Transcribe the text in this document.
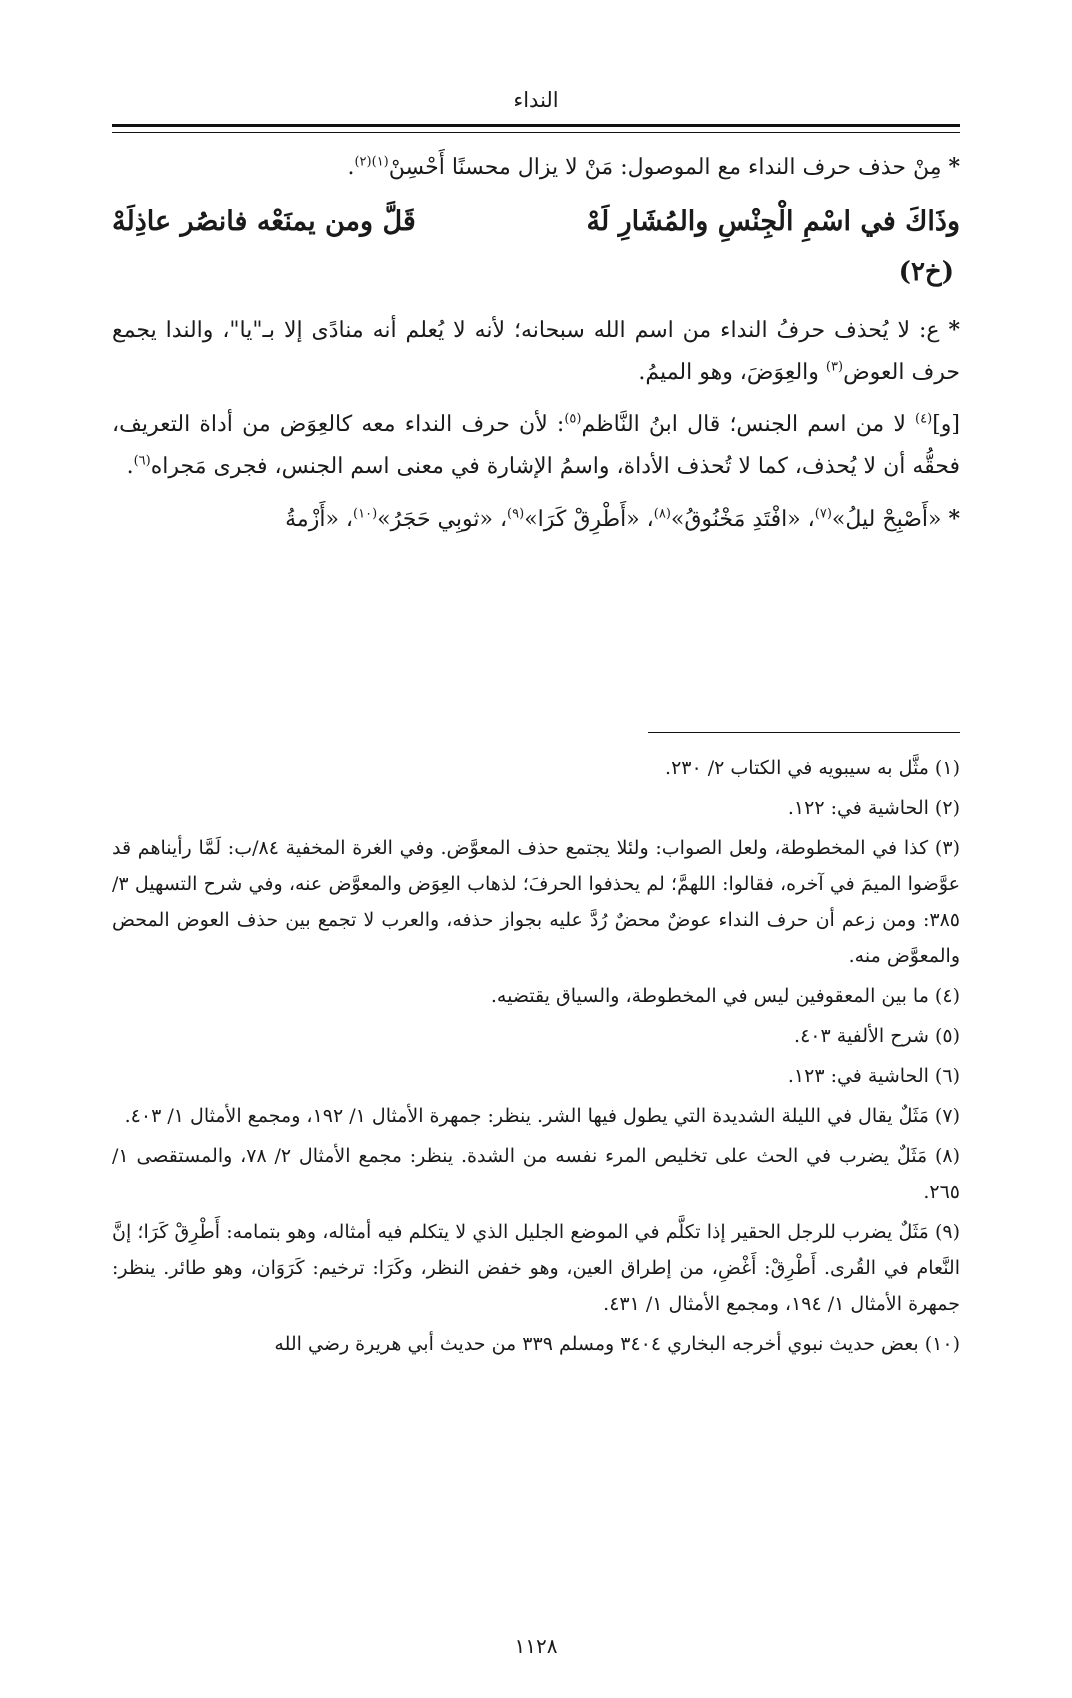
النداء

* مِنْ حذف حرف النداء مع الموصول: مَنْ لا يزال محسنًا أَحْسِنْ$^{(١)(٢)}$.

وذَاكَ في اسْمِ الْجِنْسِ والمُشَارِ لَهْ
قَلَّ ومن يمنَعْه فانصُر عاذِلَهْ
(خ٢)

* ع: لا يُحذف حرفُ النداء من اسم الله سبحانه؛ لأنه لا يُعلم أنه منادًى إلا بـ"يا"، والندا يجمع حرف العوض$^{(٣)}$ والعِوَضَ، وهو الميمُ.

[و]$^{(٤)}$ لا من اسم الجنس؛ قال ابنُ النَّاظم$^{(٥)}$: لأن حرف النداء معه كالعِوَض من أداة التعريف، فحقُّه أن لا يُحذف، كما لا تُحذف الأداة، واسمُ الإشارة في معنى اسم الجنس، فجرى مَجراه$^{(٦)}$.

* «أَصْبِحْ ليلُ»$^{(٧)}$، «افْتَدِ مَخْنُوقُ»$^{(٨)}$، «أَطْرِقْ كَرَا»$^{(٩)}$، «ثوبِي حَجَرُ»$^{(١٠)}$، «أَزْمةُ

(١) مثَّل به سيبويه في الكتاب ٢/ ٢٣٠.

(٢) الحاشية في: ١٢٢.

(٣) كذا في المخطوطة، ولعل الصواب: ولئلا يجتمع حذف المعوَّض. وفي الغرة المخفية ٨٤/ب: لَمَّا رأيناهم قد عوَّضوا الميمَ في آخره، فقالوا: اللهمَّ؛ لم يحذفوا الحرفَ؛ لذهاب العِوَض والمعوَّض عنه، وفي شرح التسهيل ٣/ ٣٨٥: ومن زعم أن حرف النداء عوضٌ محضٌ رُدَّ عليه بجواز حذفه، والعرب لا تجمع بين حذف العوض المحض والمعوَّض منه.

(٤) ما بين المعقوفين ليس في المخطوطة، والسياق يقتضيه.

(٥) شرح الألفية ٤٠٣.

(٦) الحاشية في: ١٢٣.

(٧) مَثَلٌ يقال في الليلة الشديدة التي يطول فيها الشر. ينظر: جمهرة الأمثال ١/ ١٩٢، ومجمع الأمثال ١/ ٤٠٣.

(٨) مَثَلٌ يضرب في الحث على تخليص المرء نفسه من الشدة. ينظر: مجمع الأمثال ٢/ ٧٨، والمستقصى ١/ ٢٦٥.

(٩) مَثَلٌ يضرب للرجل الحقير إذا تكلَّم في الموضع الجليل الذي لا يتكلم فيه أمثاله، وهو بتمامه: أَطْرِقْ كَرَا؛ إنَّ النَّعام في القُرى. أَطْرِقْ: أَغْضِ، من إطراق العين، وهو خفض النظر، وكَرَا: ترخيم: كَرَوَان، وهو طائر. ينظر: جمهرة الأمثال ١/ ١٩٤، ومجمع الأمثال ١/ ٤٣١.

(١٠) بعض حديث نبوي أخرجه البخاري ٣٤٠٤ ومسلم ٣٣٩ من حديث أبي هريرة رضي الله

١١٢٨
